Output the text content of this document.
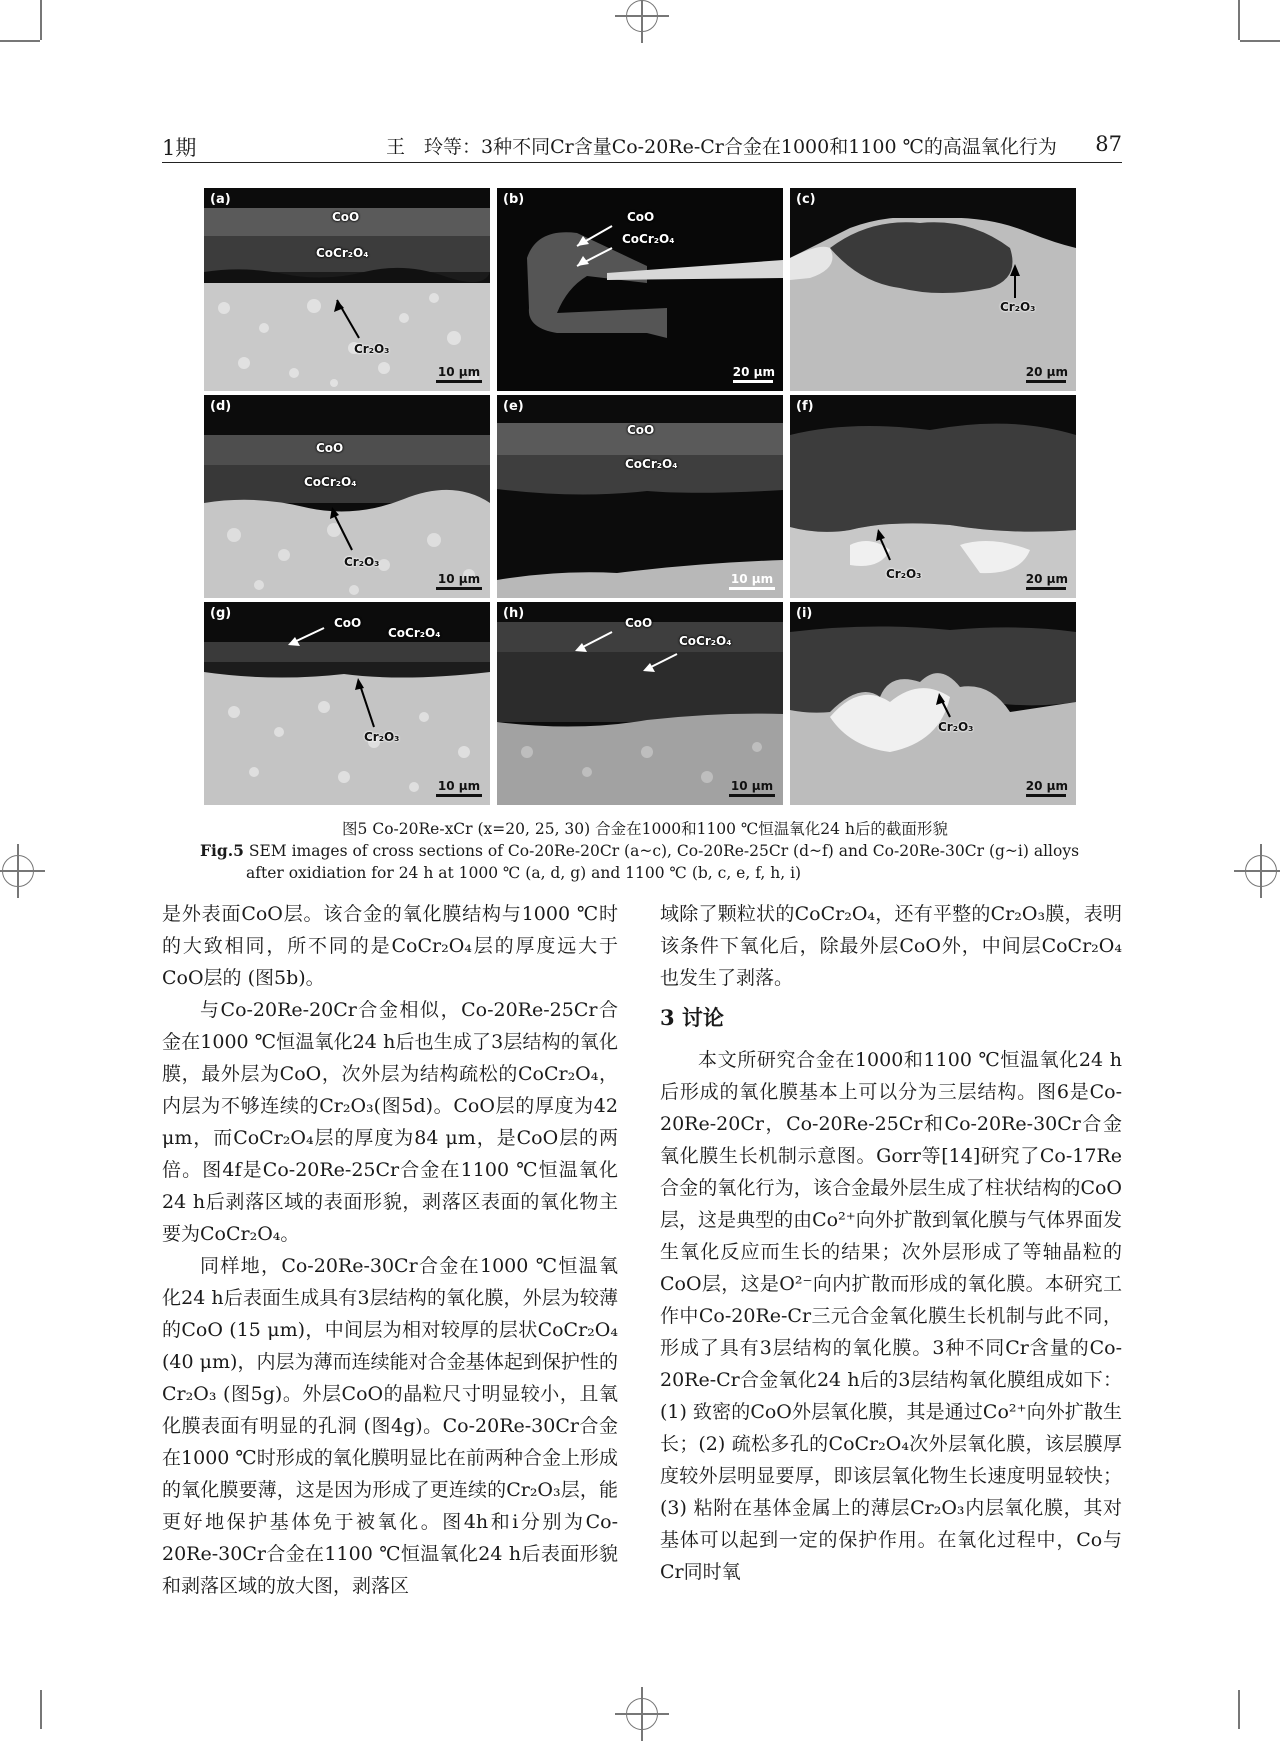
1期	王　玲等：3种不同Cr含量Co-20Re-Cr合金在1000和1100 ℃的高温氧化行为 87
(a)
CoO
CoCr₂O₄
Cr₂O₃
10 μm
(b)
CoO
CoCr₂O₄
20 μm
(c)
Cr₂O₃
20 μm
(d)
CoO
CoCr₂O₄
Cr₂O₃
10 μm
(e)
CoO
CoCr₂O₄
10 μm
(f)
Cr₂O₃	20 μm
(g)
CoO
CoCr₂O₄
Cr₂O₃
10 μm
(h)
CoO
CoCr₂O₄
10 μm
(i)
Cr₂O₃
20 μm
图5 Co-20Re-xCr (x=20, 25, 30) 合金在1000和1100 ℃恒温氧化24 h后的截面形貌
Fig.5 SEM images of cross sections of Co-20Re-20Cr (a~c), Co-20Re-25Cr (d~f) and Co-20Re-30Cr (g~i) alloys after oxidiation for 24 h at 1000 ℃ (a, d, g) and 1100 ℃ (b, c, e, f, h, i)

是外表面CoO层。该合金的氧化膜结构与1000 ℃时的大致相同，所不同的是CoCr₂O₄层的厚度远大于CoO层的 (图5b)。

与Co-20Re-20Cr合金相似，Co-20Re-25Cr合金在1000 ℃恒温氧化24 h后也生成了3层结构的氧化膜，最外层为CoO，次外层为结构疏松的CoCr₂O₄，内层为不够连续的Cr₂O₃(图5d)。CoO层的厚度为42 μm，而CoCr₂O₄层的厚度为84 μm，是CoO层的两倍。图4f是Co-20Re-25Cr合金在1100 ℃恒温氧化24 h后剥落区域的表面形貌，剥落区表面的氧化物主要为CoCr₂O₄。

同样地，Co-20Re-30Cr合金在1000 ℃恒温氧化24 h后表面生成具有3层结构的氧化膜，外层为较薄的CoO (15 μm)，中间层为相对较厚的层状CoCr₂O₄ (40 μm)，内层为薄而连续能对合金基体起到保护性的Cr₂O₃ (图5g)。外层CoO的晶粒尺寸明显较小，且氧化膜表面有明显的孔洞 (图4g)。Co-20Re-30Cr合金在1000 ℃时形成的氧化膜明显比在前两种合金上形成的氧化膜要薄，这是因为形成了更连续的Cr₂O₃层，能更好地保护基体免于被氧化。图4h和i分别为Co-20Re-30Cr合金在1100 ℃恒温氧化24 h后表面形貌和剥落区域的放大图，剥落区

域除了颗粒状的CoCr₂O₄，还有平整的Cr₂O₃膜，表明该条件下氧化后，除最外层CoO外，中间层CoCr₂O₄也发生了剥落。

3 讨论

本文所研究合金在1000和1100 ℃恒温氧化24 h后形成的氧化膜基本上可以分为三层结构。图6是Co-20Re-20Cr，Co-20Re-25Cr和Co-20Re-30Cr合金氧化膜生长机制示意图。Gorr等[14]研究了Co-17Re合金的氧化行为，该合金最外层生成了柱状结构的CoO层，这是典型的由Co²⁺向外扩散到氧化膜与气体界面发生氧化反应而生长的结果；次外层形成了等轴晶粒的CoO层，这是O²⁻向内扩散而形成的氧化膜。本研究工作中Co-20Re-Cr三元合金氧化膜生长机制与此不同，形成了具有3层结构的氧化膜。3种不同Cr含量的Co-20Re-Cr合金氧化24 h后的3层结构氧化膜组成如下：(1) 致密的CoO外层氧化膜，其是通过Co²⁺向外扩散生长；(2) 疏松多孔的CoCr₂O₄次外层氧化膜，该层膜厚度较外层明显要厚，即该层氧化物生长速度明显较快；(3) 粘附在基体金属上的薄层Cr₂O₃内层氧化膜，其对基体可以起到一定的保护作用。在氧化过程中，Co与Cr同时氧
